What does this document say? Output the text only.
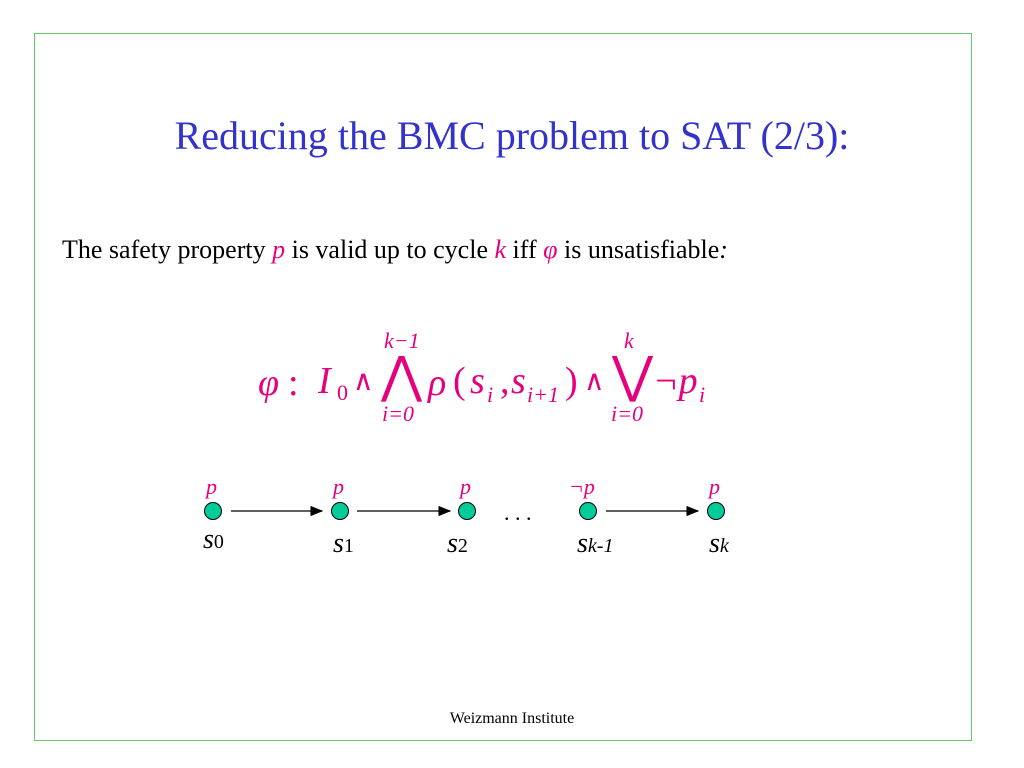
Reducing the BMC problem to SAT (2/3):
The safety property p is valid up to cycle k iff φ is unsatisfiable:
φ : I 0 ∧
k−1
⋀
i=0
ρ ( s i , s i+1 ) ∧
k
⋁
i=0
¬p i
. . .
p	p	p	¬p	p
s0	s1	s2	sk-1	sk
Weizmann Institute
